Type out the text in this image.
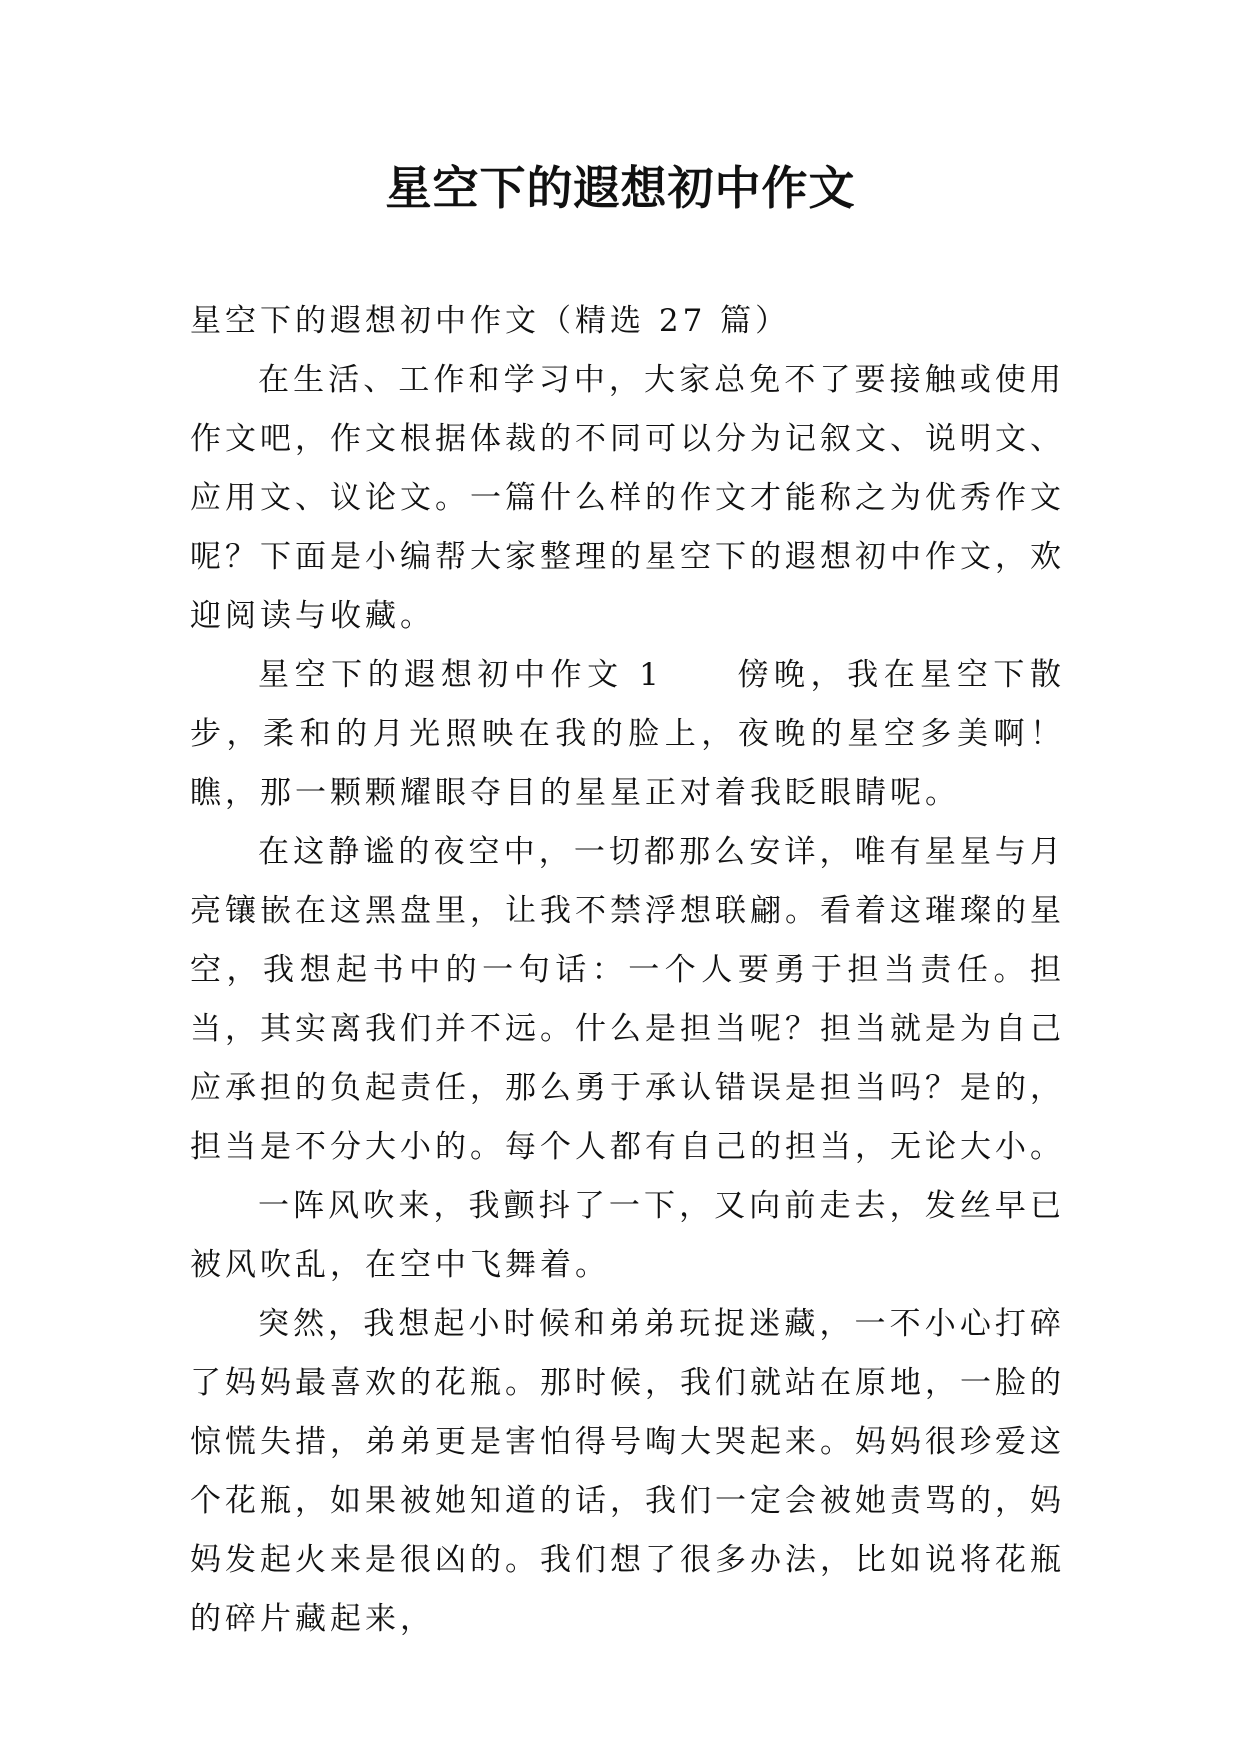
星空下的遐想初中作文

星空下的遐想初中作文（精选 27 篇）

在生活、工作和学习中，大家总免不了要接触或使用作文吧，作文根据体裁的不同可以分为记叙文、说明文、应用文、议论文。一篇什么样的作文才能称之为优秀作文呢？下面是小编帮大家整理的星空下的遐想初中作文，欢迎阅读与收藏。

星空下的遐想初中作文 1　　傍晚，我在星空下散步，柔和的月光照映在我的脸上，夜晚的星空多美啊！瞧，那一颗颗耀眼夺目的星星正对着我眨眼睛呢。

在这静谧的夜空中，一切都那么安详，唯有星星与月亮镶嵌在这黑盘里，让我不禁浮想联翩。看着这璀璨的星空，我想起书中的一句话：一个人要勇于担当责任。担当，其实离我们并不远。什么是担当呢？担当就是为自己应承担的负起责任，那么勇于承认错误是担当吗？是的，担当是不分大小的。每个人都有自己的担当，无论大小。

一阵风吹来，我颤抖了一下，又向前走去，发丝早已被风吹乱，在空中飞舞着。

突然，我想起小时候和弟弟玩捉迷藏，一不小心打碎了妈妈最喜欢的花瓶。那时候，我们就站在原地，一脸的惊慌失措，弟弟更是害怕得号啕大哭起来。妈妈很珍爱这个花瓶，如果被她知道的话，我们一定会被她责骂的，妈妈发起火来是很凶的。我们想了很多办法，比如说将花瓶的碎片藏起来，
